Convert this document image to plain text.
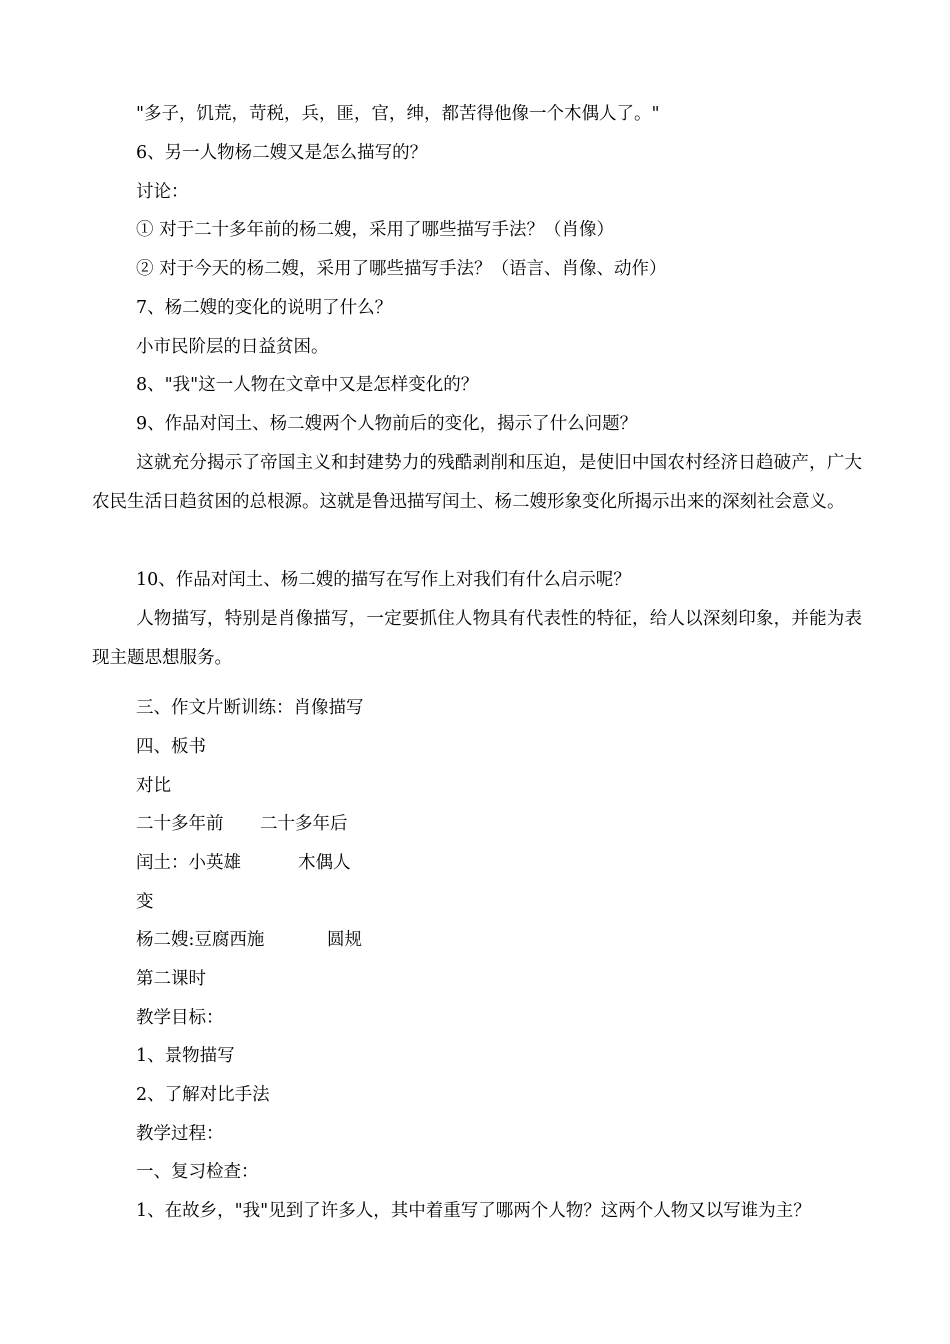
"多子，饥荒，苛税，兵，匪，官，绅，都苦得他像一个木偶人了。"
6、另一人物杨二嫂又是怎么描写的？
讨论：
① 对于二十多年前的杨二嫂，采用了哪些描写手法？（肖像）
② 对于今天的杨二嫂，采用了哪些描写手法？（语言、肖像、动作）
7、杨二嫂的变化的说明了什么？
小市民阶层的日益贫困。
8、"我"这一人物在文章中又是怎样变化的？
9、作品对闰土、杨二嫂两个人物前后的变化，揭示了什么问题？
这就充分揭示了帝国主义和封建势力的残酷剥削和压迫，是使旧中国农村经济日趋破产，广大农民生活日趋贫困的总根源。这就是鲁迅描写闰土、杨二嫂形象变化所揭示出来的深刻社会意义。
10、作品对闰土、杨二嫂的描写在写作上对我们有什么启示呢？
人物描写，特别是肖像描写，一定要抓住人物具有代表性的特征，给人以深刻印象，并能为表现主题思想服务。
三、作文片断训练：肖像描写
四、板书
对比
二十多年前 二十多年后
闰土：小英雄	木偶人
变
杨二嫂:豆腐西施	圆规
第二课时
教学目标：
1、景物描写
2、了解对比手法
教学过程：
一、复习检查：
1、在故乡，"我"见到了许多人，其中着重写了哪两个人物？这两个人物又以写谁为主？
